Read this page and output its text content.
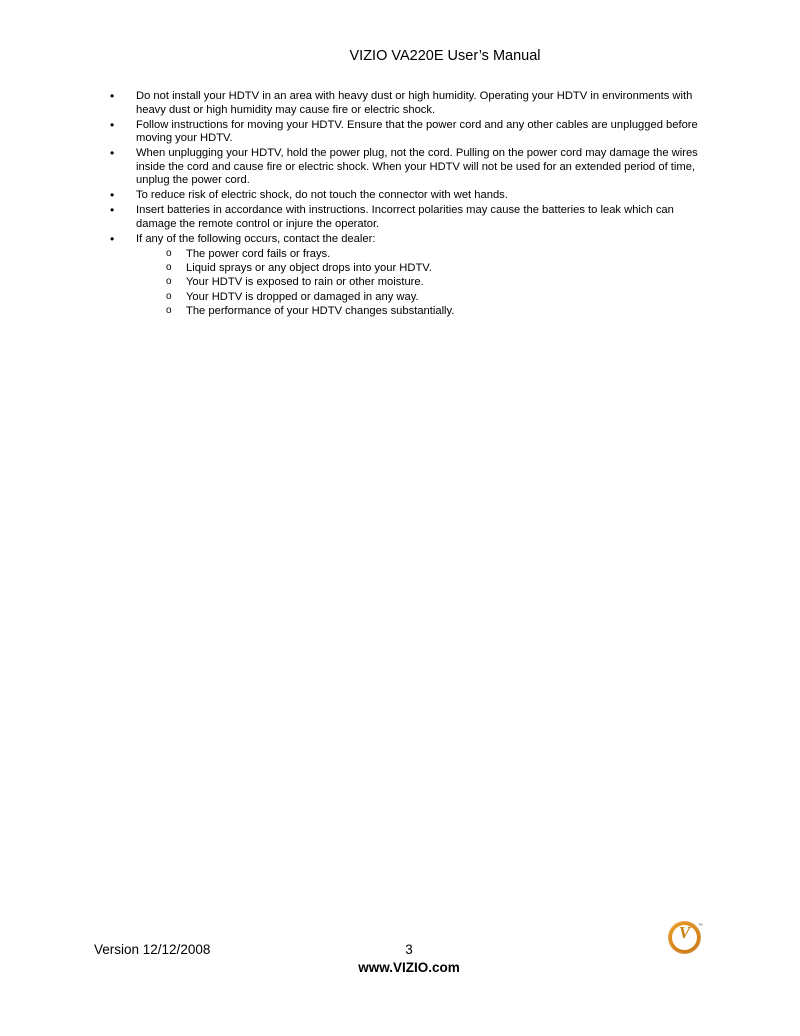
VIZIO VA220E User’s Manual
• Do not install your HDTV in an area with heavy dust or high humidity. Operating your HDTV in environments with heavy dust or high humidity may cause fire or electric shock.
• Follow instructions for moving your HDTV. Ensure that the power cord and any other cables are unplugged before moving your HDTV.
• When unplugging your HDTV, hold the power plug, not the cord. Pulling on the power cord may damage the wires inside the cord and cause fire or electric shock. When your HDTV will not be used for an extended period of time, unplug the power cord.
• To reduce risk of electric shock, do not touch the connector with wet hands.
• Insert batteries in accordance with instructions. Incorrect polarities may cause the batteries to leak which can damage the remote control or injure the operator.
• If any of the following occurs, contact the dealer:
o The power cord fails or frays.
o Liquid sprays or any object drops into your HDTV.
o Your HDTV is exposed to rain or other moisture.
o Your HDTV is dropped or damaged in any way.
o The performance of your HDTV changes substantially.
Version 12/12/2008	3
www.VIZIO.com
V	™
